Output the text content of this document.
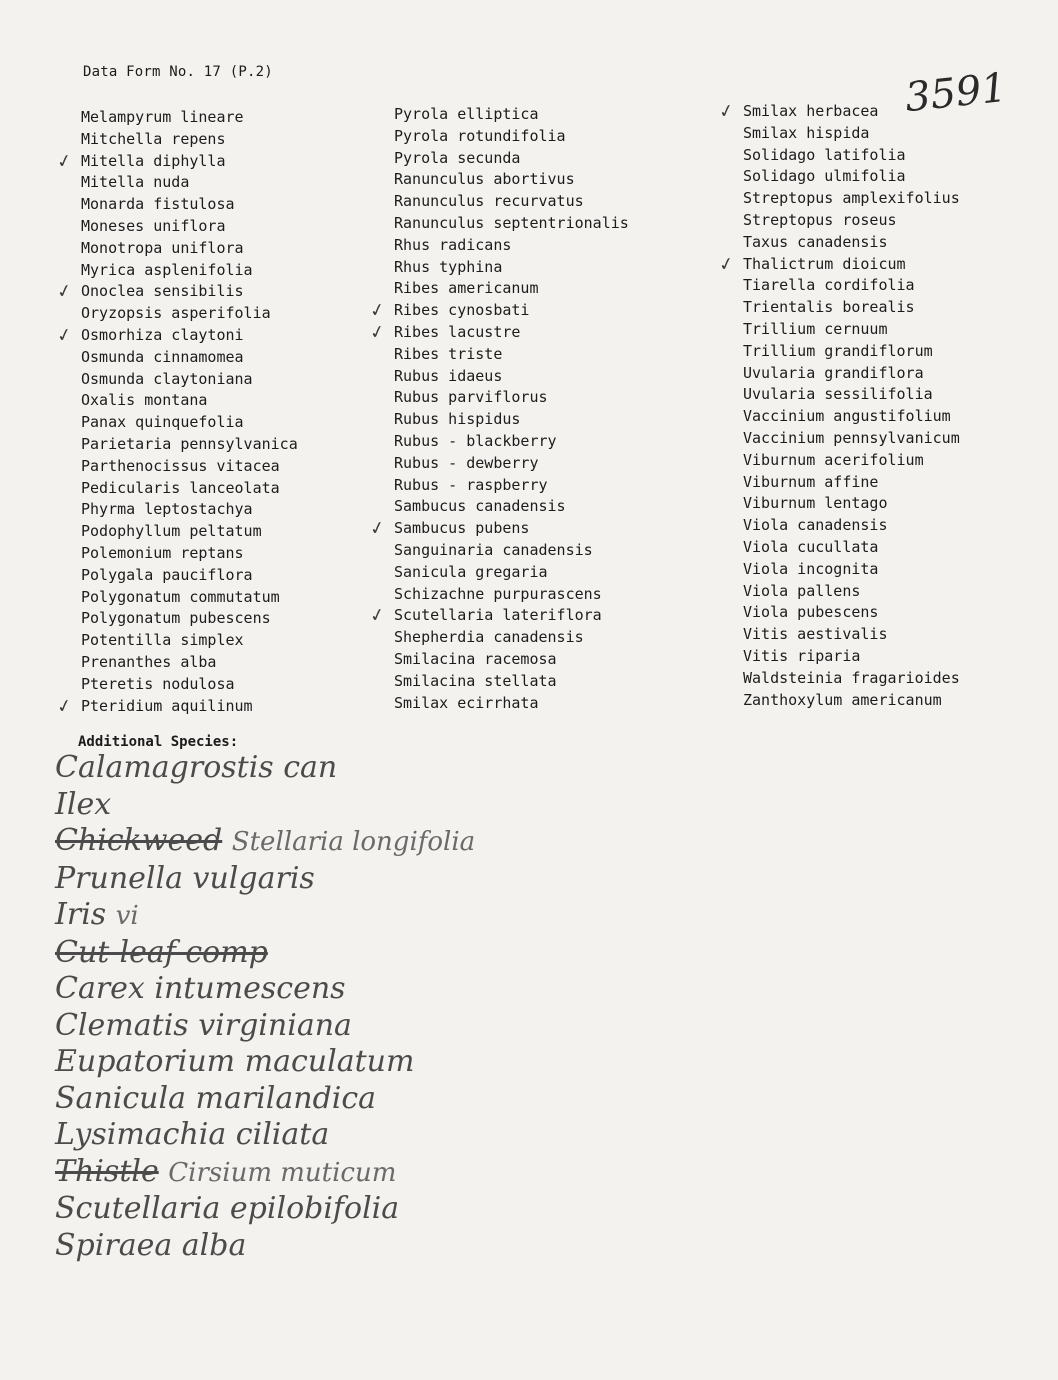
Data Form No. 17 (P.2)	3591
Melampyrum lineare
Mitchella repens
✓ Mitella diphylla
Mitella nuda
Monarda fistulosa
Moneses uniflora
Monotropa uniflora
Myrica asplenifolia
✓ Onoclea sensibilis
Oryzopsis asperifolia
✓ Osmorhiza claytoni
Osmunda cinnamomea
Osmunda claytoniana
Oxalis montana
Panax quinquefolia
Parietaria pennsylvanica
Parthenocissus vitacea
Pedicularis lanceolata
Phyrma leptostachya
Podophyllum peltatum
Polemonium reptans
Polygala pauciflora
Polygonatum commutatum
Polygonatum pubescens
Potentilla simplex
Prenanthes alba
Pteretis nodulosa
✓ Pteridium aquilinum
Pyrola elliptica
Pyrola rotundifolia
Pyrola secunda
Ranunculus abortivus
Ranunculus recurvatus
Ranunculus septentrionalis
Rhus radicans
Rhus typhina
Ribes americanum
✓ Ribes cynosbati
✓ Ribes lacustre
Ribes triste
Rubus idaeus
Rubus parviflorus
Rubus hispidus
Rubus - blackberry
Rubus - dewberry
Rubus - raspberry
Sambucus canadensis
✓ Sambucus pubens
Sanguinaria canadensis
Sanicula gregaria
Schizachne purpurascens
✓ Scutellaria lateriflora
Shepherdia canadensis
Smilacina racemosa
Smilacina stellata
Smilax ecirrhata
✓ Smilax herbacea
Smilax hispida
Solidago latifolia
Solidago ulmifolia
Streptopus amplexifolius
Streptopus roseus
Taxus canadensis
✓ Thalictrum dioicum
Tiarella cordifolia
Trientalis borealis
Trillium cernuum
Trillium grandiflorum
Uvularia grandiflora
Uvularia sessilifolia
Vaccinium angustifolium
Vaccinium pennsylvanicum
Viburnum acerifolium
Viburnum affine
Viburnum lentago
Viola canadensis
Viola cucullata
Viola incognita
Viola pallens
Viola pubescens
Vitis aestivalis
Vitis riparia
Waldsteinia fragarioides
Zanthoxylum americanum
Additional Species:
Calamagrostis can
Ilex
Chickweed Stellaria longifolia
Prunella vulgaris
Iris vi
Cut-leaf comp
Carex intumescens
Clematis virginiana
Eupatorium maculatum
Sanicula marilandica
Lysimachia ciliata
Thistle Cirsium muticum
Scutellaria epilobifolia
Spiraea alba
